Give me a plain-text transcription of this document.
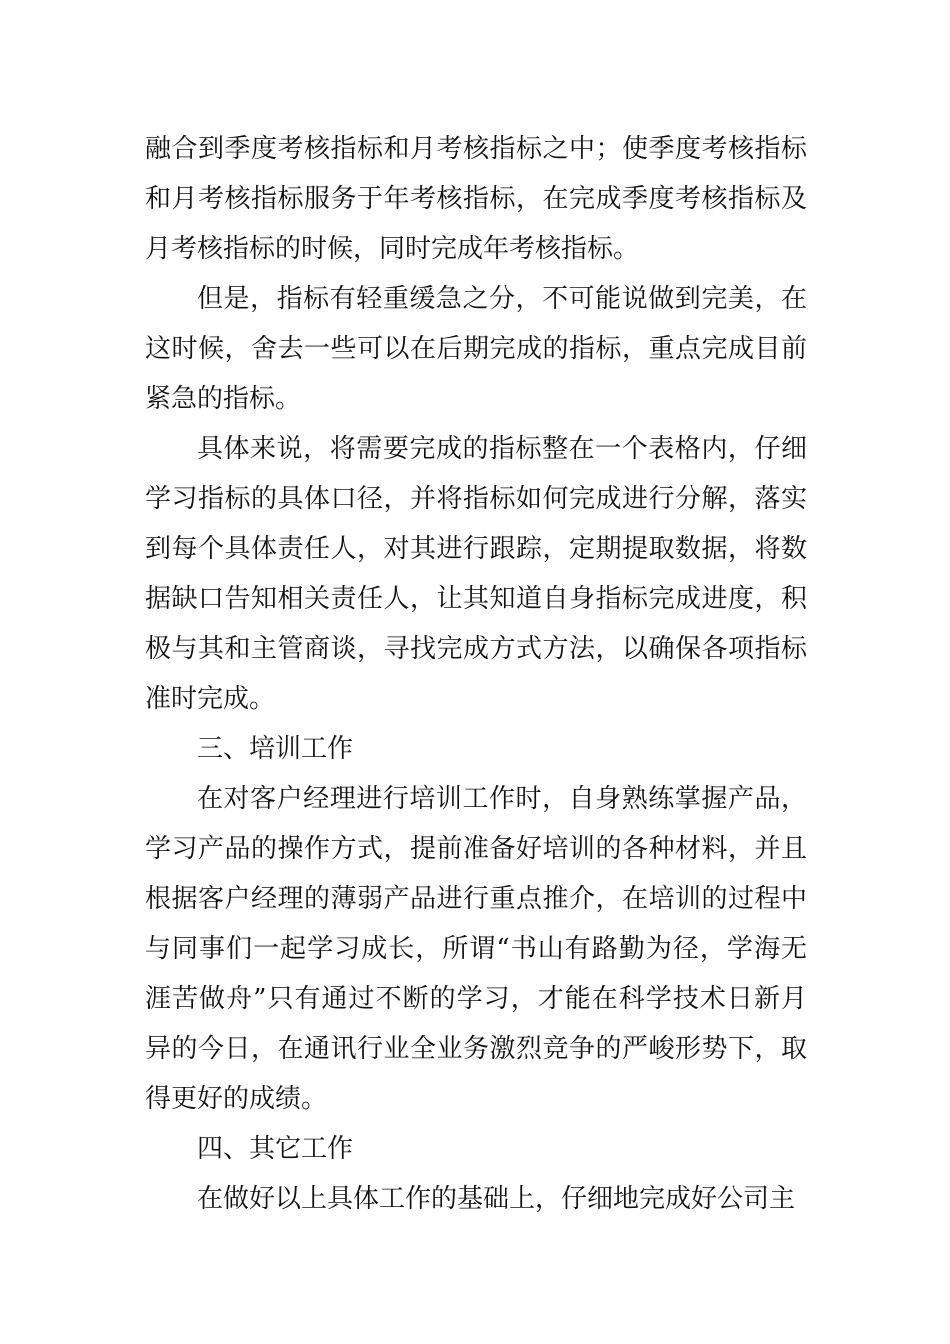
融合到季度考核指标和月考核指标之中；使季度考核指标和月考核指标服务于年考核指标，在完成季度考核指标及月考核指标的时候，同时完成年考核指标。

但是，指标有轻重缓急之分，不可能说做到完美，在这时候，舍去一些可以在后期完成的指标，重点完成目前紧急的指标。

具体来说，将需要完成的指标整在一个表格内，仔细学习指标的具体口径，并将指标如何完成进行分解，落实到每个具体责任人，对其进行跟踪，定期提取数据，将数据缺口告知相关责任人，让其知道自身指标完成进度，积极与其和主管商谈，寻找完成方式方法，以确保各项指标准时完成。

三、培训工作

在对客户经理进行培训工作时，自身熟练掌握产品，学习产品的操作方式，提前准备好培训的各种材料，并且根据客户经理的薄弱产品进行重点推介，在培训的过程中与同事们一起学习成长，所谓“书山有路勤为径，学海无涯苦做舟”只有通过不断的学习，才能在科学技术日新月异的今日，在通讯行业全业务激烈竞争的严峻形势下，取得更好的成绩。

四、其它工作

在做好以上具体工作的基础上，仔细地完成好公司主
